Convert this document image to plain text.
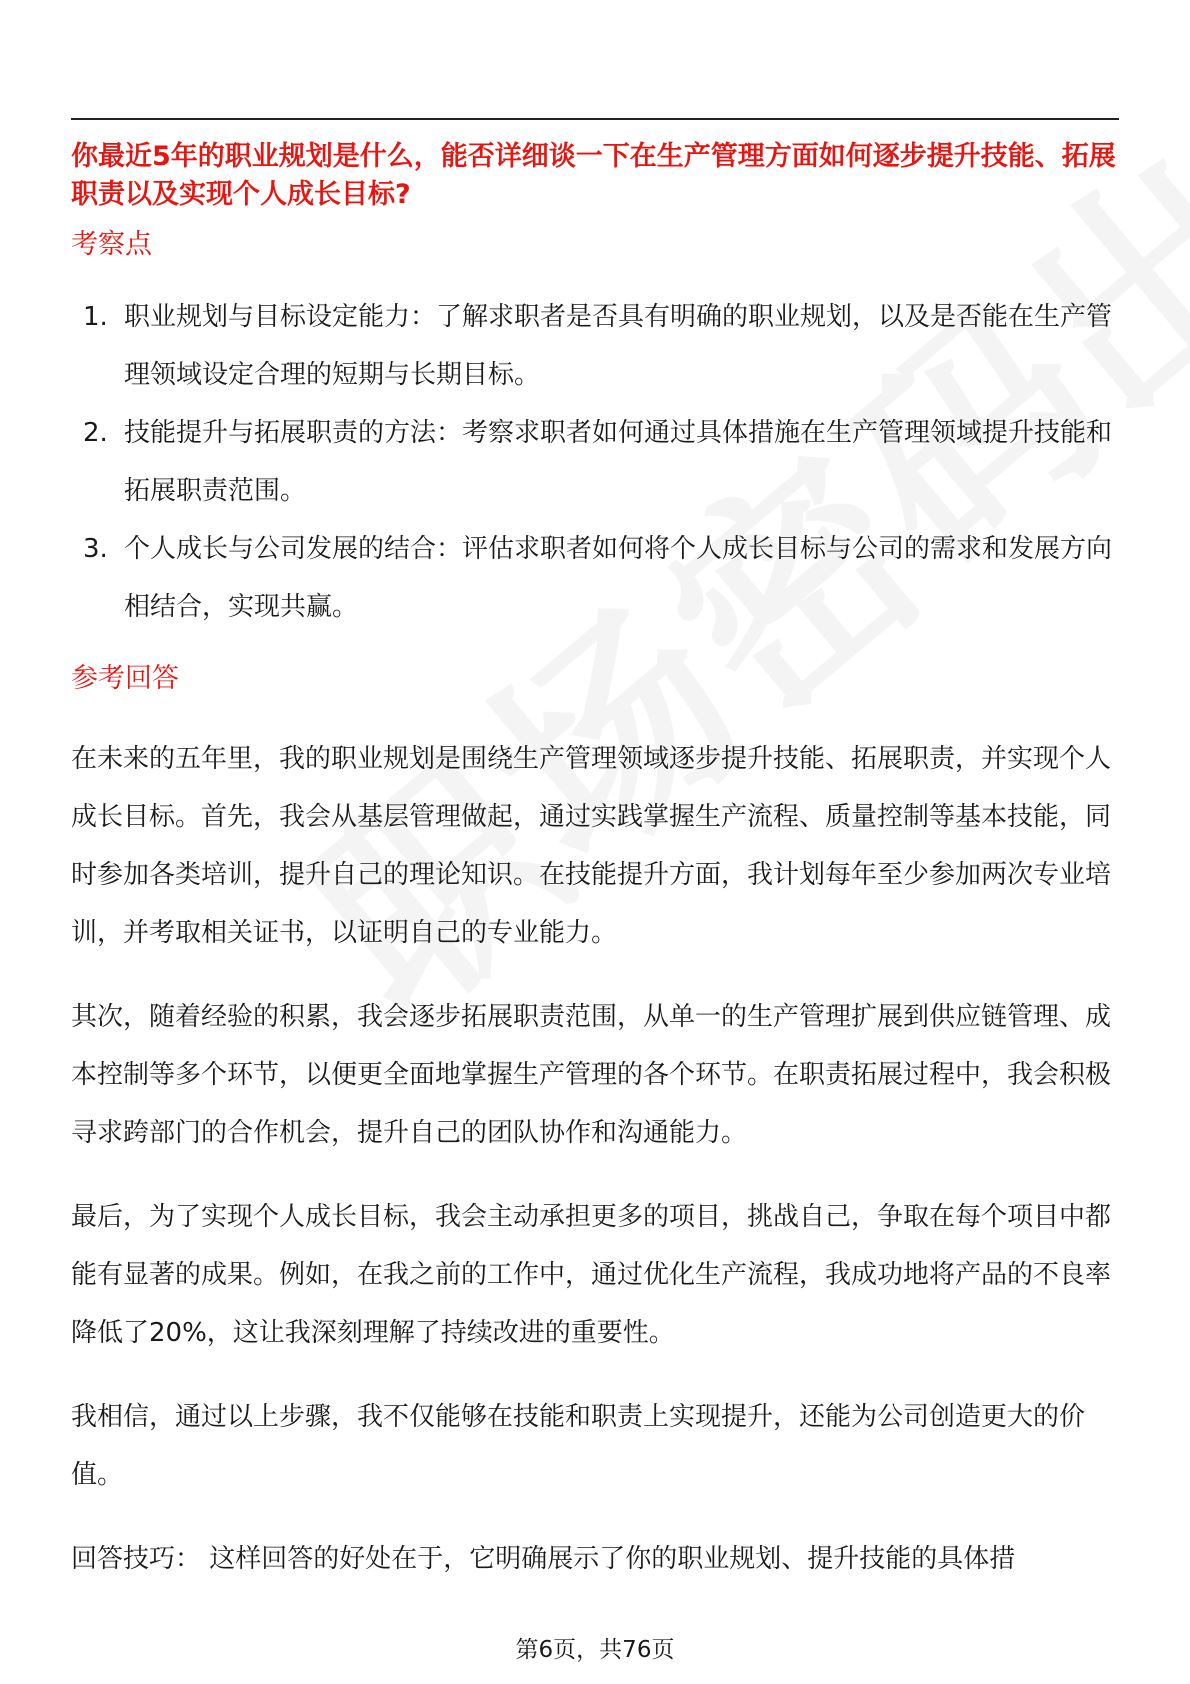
你最近5年的职业规划是什么，能否详细谈一下在生产管理方面如何逐步提升技能、拓展职责以及实现个人成长目标?

考察点

1. 职业规划与目标设定能力：了解求职者是否具有明确的职业规划，以及是否能在生产管理领域设定合理的短期与长期目标。
2. 技能提升与拓展职责的方法：考察求职者如何通过具体措施在生产管理领域提升技能和拓展职责范围。
3. 个人成长与公司发展的结合：评估求职者如何将个人成长目标与公司的需求和发展方向相结合，实现共赢。

参考回答

在未来的五年里，我的职业规划是围绕生产管理领域逐步提升技能、拓展职责，并实现个人成长目标。首先，我会从基层管理做起，通过实践掌握生产流程、质量控制等基本技能，同时参加各类培训，提升自己的理论知识。在技能提升方面，我计划每年至少参加两次专业培训，并考取相关证书，以证明自己的专业能力。

其次，随着经验的积累，我会逐步拓展职责范围，从单一的生产管理扩展到供应链管理、成本控制等多个环节，以便更全面地掌握生产管理的各个环节。在职责拓展过程中，我会积极寻求跨部门的合作机会，提升自己的团队协作和沟通能力。

最后，为了实现个人成长目标，我会主动承担更多的项目，挑战自己，争取在每个项目中都能有显著的成果。例如，在我之前的工作中，通过优化生产流程，我成功地将产品的不良率降低了20%，这让我深刻理解了持续改进的重要性。

我相信，通过以上步骤，我不仅能够在技能和职责上实现提升，还能为公司创造更大的价值。

回答技巧： 这样回答的好处在于，它明确展示了你的职业规划、提升技能的具体措

第6页，共76页
